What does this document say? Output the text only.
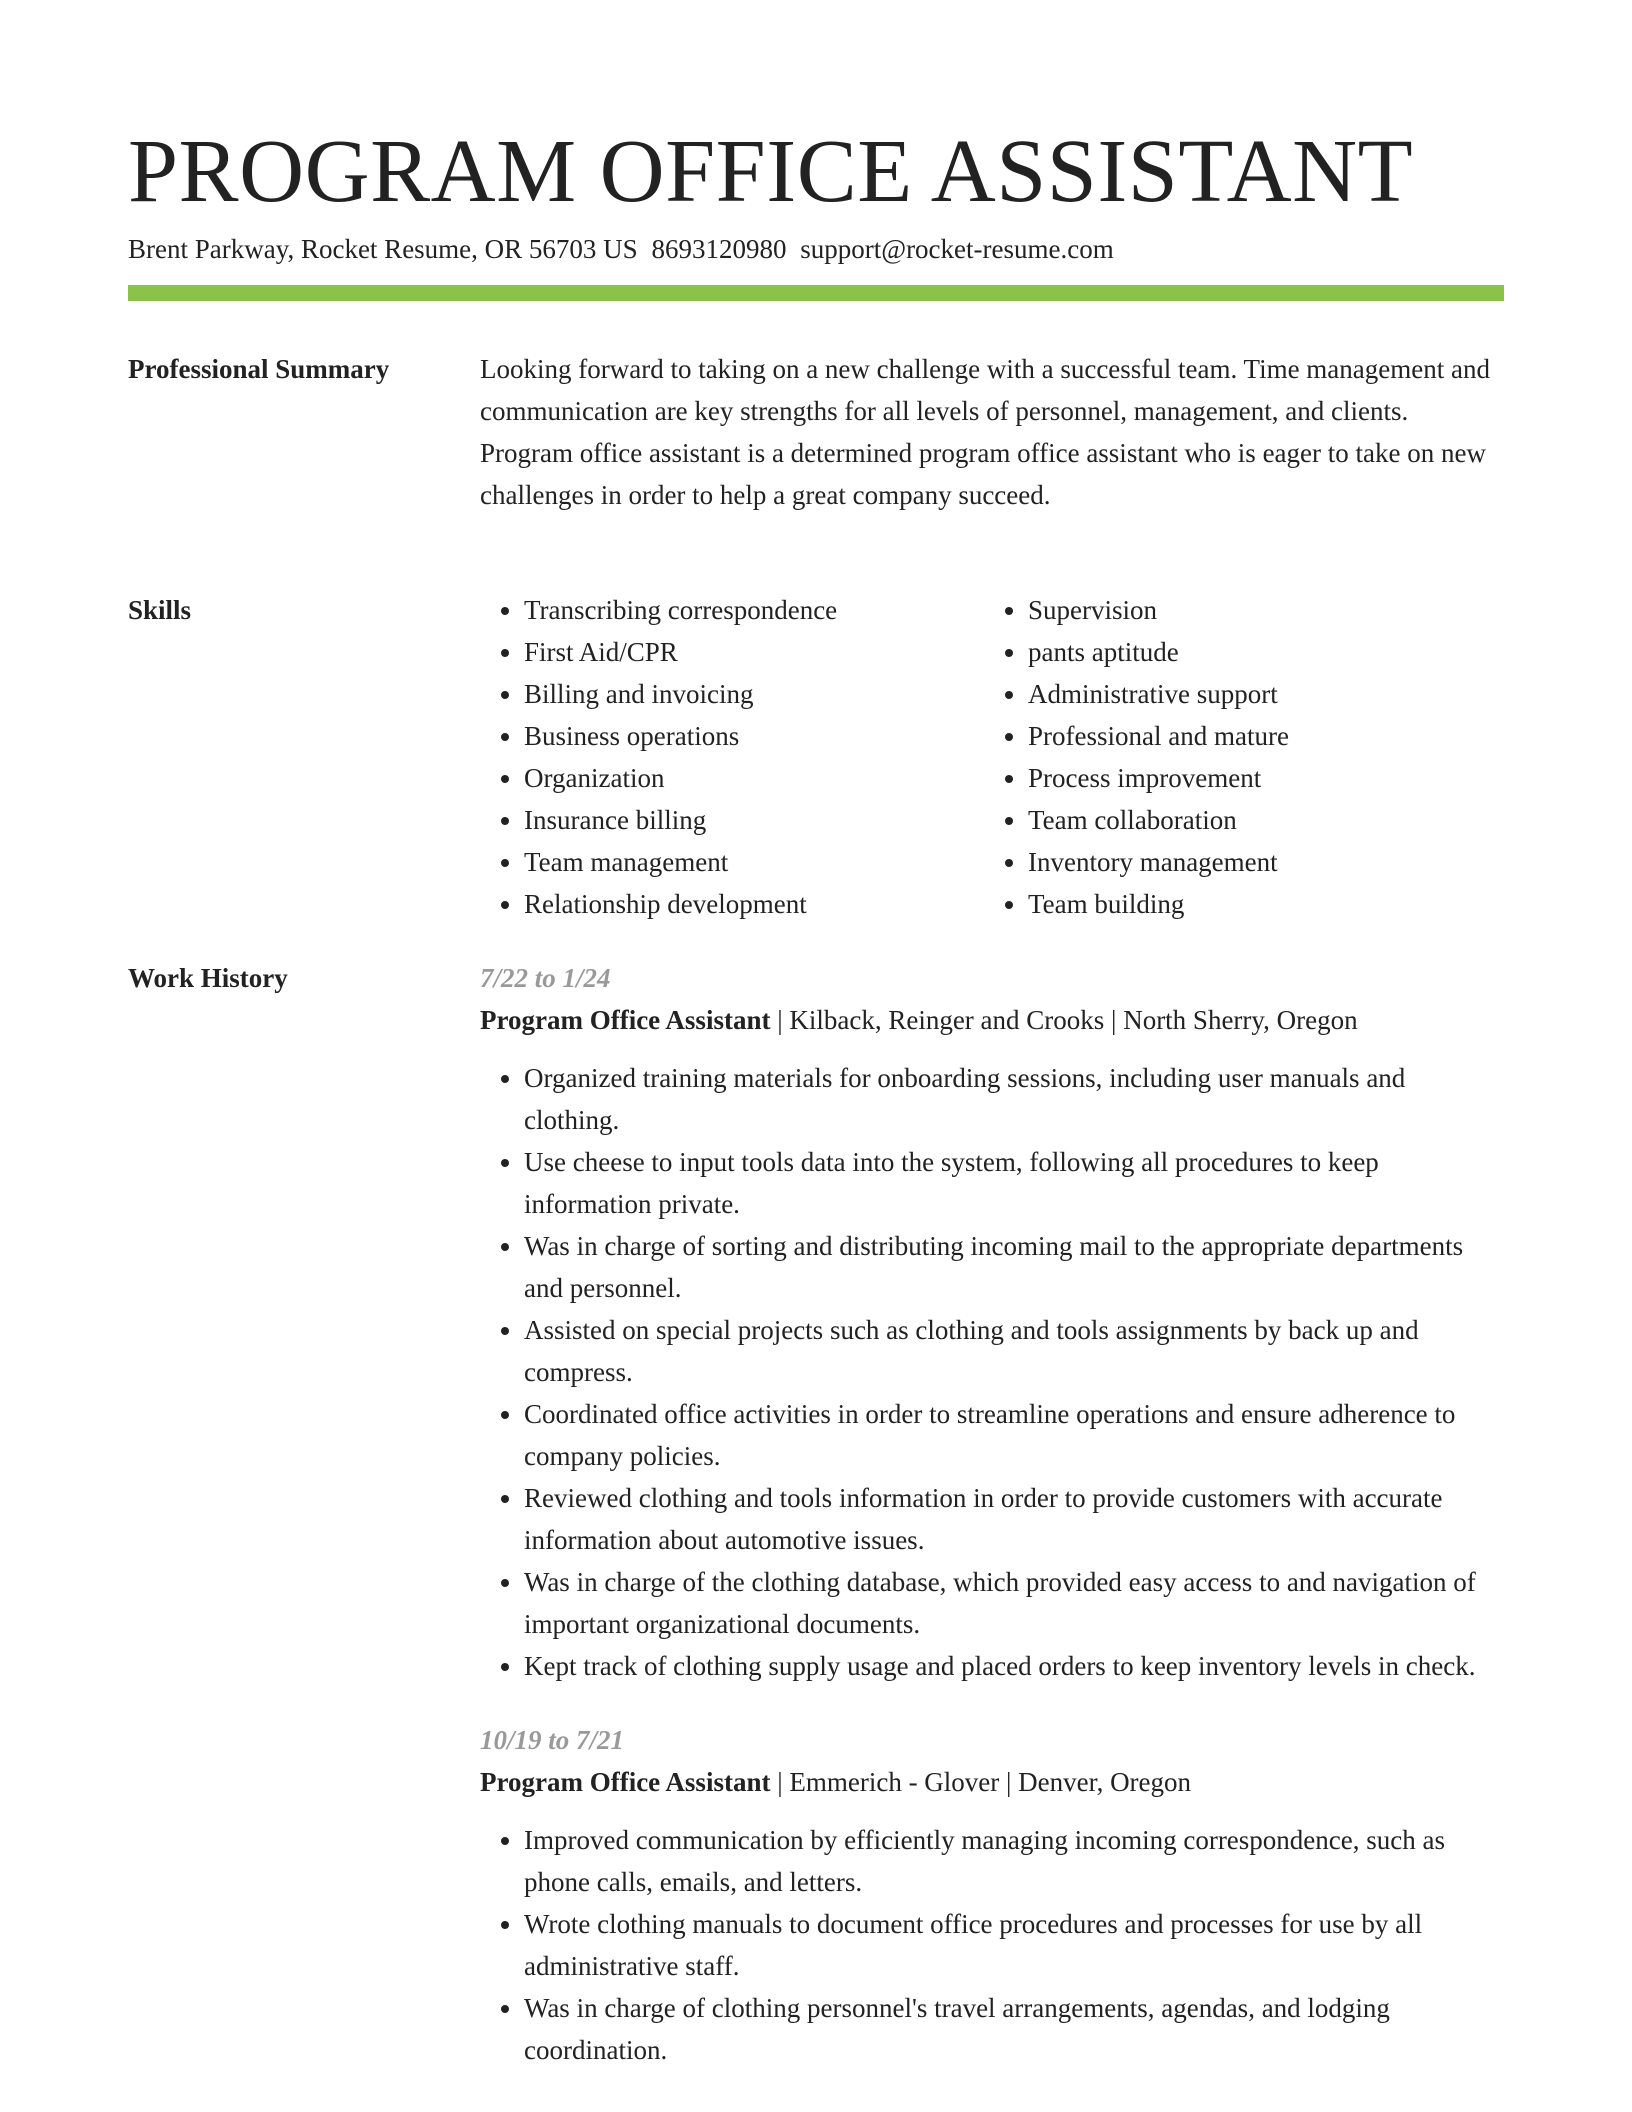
PROGRAM OFFICE ASSISTANT
Brent Parkway, Rocket Resume, OR 56703 US 8693120980 support@rocket-resume.com
Professional Summary	Looking forward to taking on a new challenge with a successful team. Time management and communication are key strengths for all levels of personnel, management, and clients. Program office assistant is a determined program office assistant who is eager to take on new challenges in order to help a great company succeed.

Skills
•	Transcribing correspondence
• First Aid/CPR
• Billing and invoicing
• Business operations
• Organization
• Insurance billing
• Team management
• Relationship development
• Supervision
• pants aptitude
• Administrative support
• Professional and mature
• Process improvement
• Team collaboration
• Inventory management
• Team building
Work History	7/22 to 1/24
Program Office Assistant | Kilback, Reinger and Crooks | North Sherry, Oregon
• Organized training materials for onboarding sessions, including user manuals and clothing.
• Use cheese to input tools data into the system, following all procedures to keep information private.
• Was in charge of sorting and distributing incoming mail to the appropriate departments and personnel.
• Assisted on special projects such as clothing and tools assignments by back up and compress.
• Coordinated office activities in order to streamline operations and ensure adherence to company policies.
• Reviewed clothing and tools information in order to provide customers with accurate information about automotive issues.
• Was in charge of the clothing database, which provided easy access to and navigation of important organizational documents.
• Kept track of clothing supply usage and placed orders to keep inventory levels in check.
10/19 to 7/21
Program Office Assistant | Emmerich - Glover | Denver, Oregon
• Improved communication by efficiently managing incoming correspondence, such as phone calls, emails, and letters.
• Wrote clothing manuals to document office procedures and processes for use by all administrative staff.
• Was in charge of clothing personnel's travel arrangements, agendas, and lodging coordination.
